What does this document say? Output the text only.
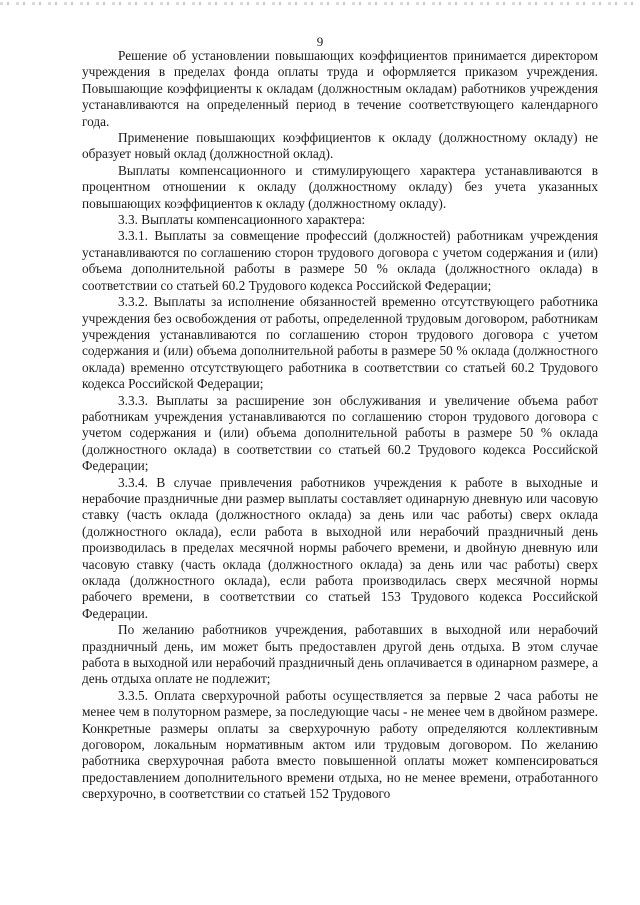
9

Решение об установлении повышающих коэффициентов принимается директором учреждения в пределах фонда оплаты труда и оформляется приказом учреждения. Повышающие коэффициенты к окладам (должностным окладам) работников учреждения устанавливаются на определенный период в течение соответствующего календарного года.

Применение повышающих коэффициентов к окладу (должностному окладу) не образует новый оклад (должностной оклад).

Выплаты компенсационного и стимулирующего характера устанавливаются в процентном отношении к окладу (должностному окладу) без учета указанных повышающих коэффициентов к окладу (должностному окладу).

3.3. Выплаты компенсационного характера:

3.3.1. Выплаты за совмещение профессий (должностей) работникам учреждения устанавливаются по соглашению сторон трудового договора с учетом содержания и (или) объема дополнительной работы в размере 50 % оклада (должностного оклада) в соответствии со статьей 60.2 Трудового кодекса Российской Федерации;

3.3.2. Выплаты за исполнение обязанностей временно отсутствующего работника учреждения без освобождения от работы, определенной трудовым договором, работникам учреждения устанавливаются по соглашению сторон трудового договора с учетом содержания и (или) объема дополнительной работы в размере 50 % оклада (должностного оклада) временно отсутствующего работника в соответствии со статьей 60.2 Трудового кодекса Российской Федерации;

3.3.3. Выплаты за расширение зон обслуживания и увеличение объема работ работникам учреждения устанавливаются по соглашению сторон трудового договора с учетом содержания и (или) объема дополнительной работы в размере 50 % оклада (должностного оклада) в соответствии со статьей 60.2 Трудового кодекса Российской Федерации;

3.3.4. В случае привлечения работников учреждения к работе в выходные и нерабочие праздничные дни размер выплаты составляет одинарную дневную или часовую ставку (часть оклада (должностного оклада) за день или час работы) сверх оклада (должностного оклада), если работа в выходной или нерабочий праздничный день производилась в пределах месячной нормы рабочего времени, и двойную дневную или часовую ставку (часть оклада (должностного оклада) за день или час работы) сверх оклада (должностного оклада), если работа производилась сверх месячной нормы рабочего времени, в соответствии со статьей 153 Трудового кодекса Российской Федерации.

По желанию работников учреждения, работавших в выходной или нерабочий праздничный день, им может быть предоставлен другой день отдыха. В этом случае работа в выходной или нерабочий праздничный день оплачивается в одинарном размере, а день отдыха оплате не подлежит;

3.3.5. Оплата сверхурочной работы осуществляется за первые 2 часа работы не менее чем в полуторном размере, за последующие часы - не менее чем в двойном размере. Конкретные размеры оплаты за сверхурочную работу определяются коллективным договором, локальным нормативным актом или трудовым договором. По желанию работника сверхурочная работа вместо повышенной оплаты может компенсироваться предоставлением дополнительного времени отдыха, но не менее времени, отработанного сверхурочно, в соответствии со статьей 152 Трудового
